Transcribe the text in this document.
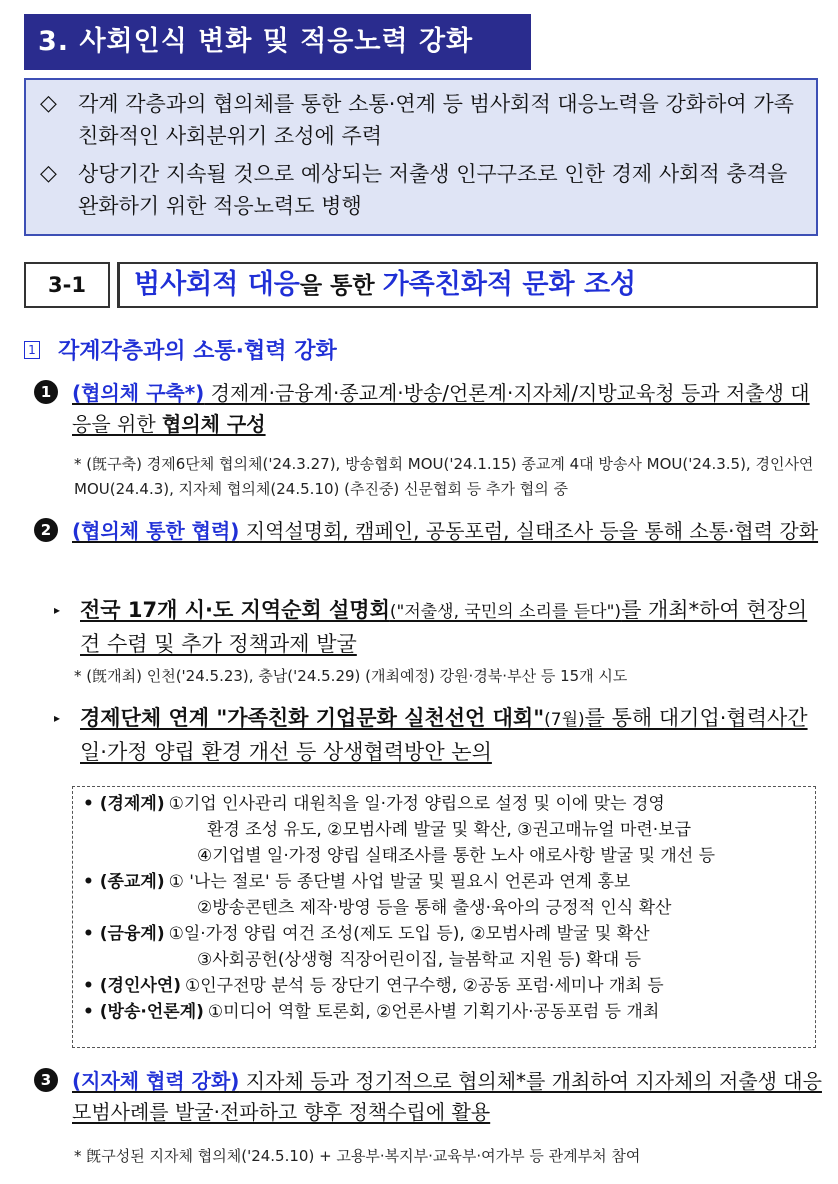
3. 사회인식 변화 및 적응노력 강화
◇	각계 각층과의 협의체를 통한 소통·연계 등 범사회적 대응노력을 강화하여 가족친화적인 사회분위기 조성에 주력
◇	상당기간 지속될 것으로 예상되는 저출생 인구구조로 인한 경제 사회적 충격을 완화하기 위한 적응노력도 병행
3-1	범사회적 대응을 통한 가족친화적 문화 조성
1 각계각층과의 소통·협력 강화
1	(협의체 구축*) 경제계·금융계·종교계·방송/언론계·지자체/지방교육청 등과 저출생 대응을 위한 협의체 구성
* (旣구축) 경제6단체 협의체('24.3.27), 방송협회 MOU('24.1.15) 종교계 4대 방송사 MOU('24.3.5), 경인사연 MOU(24.4.3), 지자체 협의체(24.5.10) (추진중) 신문협회 등 추가 협의 중
2	(협의체 통한 협력) 지역설명회, 캠페인, 공동포럼, 실태조사 등을 통해 소통·협력 강화
▸ 전국 17개 시·도 지역순회 설명회("저출생, 국민의 소리를 듣다")를 개최*하여 현장의견 수렴 및 추가 정책과제 발굴
* (旣개최) 인천('24.5.23), 충남('24.5.29) (개최예정) 강원·경북·부산 등 15개 시도
▸ 경제단체 연계 "가족친화 기업문화 실천선언 대회"(7월)를 통해 대기업·협력사간 일·가정 양립 환경 개선 등 상생협력방안 논의
• (경제계) ①기업 인사관리 대원칙을 일·가정 양립으로 설정 및 이에 맞는 경영
환경 조성 유도, ②모범사례 발굴 및 확산, ③권고매뉴얼 마련·보급
④기업별 일·가정 양립 실태조사를 통한 노사 애로사항 발굴 및 개선 등
• (종교계) ① '나는 절로' 등 종단별 사업 발굴 및 필요시 언론과 연계 홍보
②방송콘텐츠 제작·방영 등을 통해 출생·육아의 긍정적 인식 확산
• (금융계) ①일·가정 양립 여건 조성(제도 도입 등), ②모범사례 발굴 및 확산
③사회공헌(상생형 직장어린이집, 늘봄학교 지원 등) 확대 등
• (경인사연) ①인구전망 분석 등 장단기 연구수행, ②공동 포럼·세미나 개최 등
• (방송·언론계) ①미디어 역할 토론회, ②언론사별 기획기사·공동포럼 등 개최
3	(지자체 협력 강화) 지자체 등과 정기적으로 협의체*를 개최하여 지자체의 저출생 대응 모범사례를 발굴·전파하고 향후 정책수립에 활용
* 旣구성된 지자체 협의체('24.5.10) + 고용부·복지부·교육부·여가부 등 관계부처 참여
